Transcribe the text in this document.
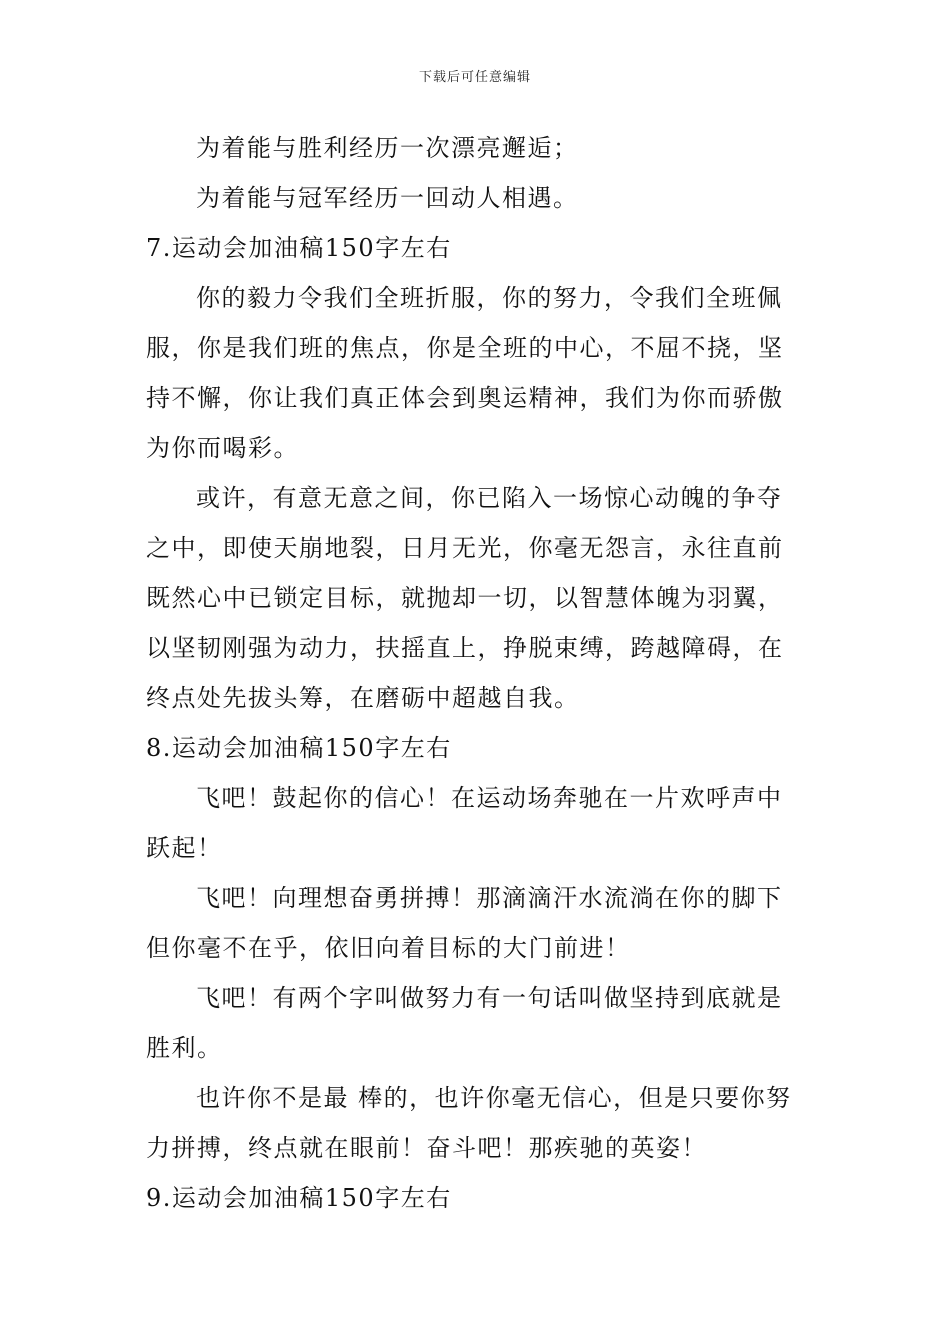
下载后可任意编辑
为着能与胜利经历一次漂亮邂逅；
为着能与冠军经历一回动人相遇。
7.运动会加油稿150字左右
你的毅力令我们全班折服，你的努力，令我们全班佩
服，你是我们班的焦点，你是全班的中心，不屈不挠，坚
持不懈，你让我们真正体会到奥运精神，我们为你而骄傲
为你而喝彩。
或许，有意无意之间，你已陷入一场惊心动魄的争夺
之中，即使天崩地裂，日月无光，你毫无怨言，永往直前
既然心中已锁定目标，就抛却一切，以智慧体魄为羽翼，
以坚韧刚强为动力，扶摇直上，挣脱束缚，跨越障碍，在
终点处先拔头筹，在磨砺中超越自我。
8.运动会加油稿150字左右
飞吧！鼓起你的信心！在运动场奔驰在一片欢呼声中
跃起！
飞吧！向理想奋勇拼搏！那滴滴汗水流淌在你的脚下
但你毫不在乎，依旧向着目标的大门前进！
飞吧！有两个字叫做努力有一句话叫做坚持到底就是
胜利。
也许你不是最 棒的，也许你毫无信心，但是只要你努
力拼搏，终点就在眼前！奋斗吧！那疾驰的英姿！
9.运动会加油稿150字左右
